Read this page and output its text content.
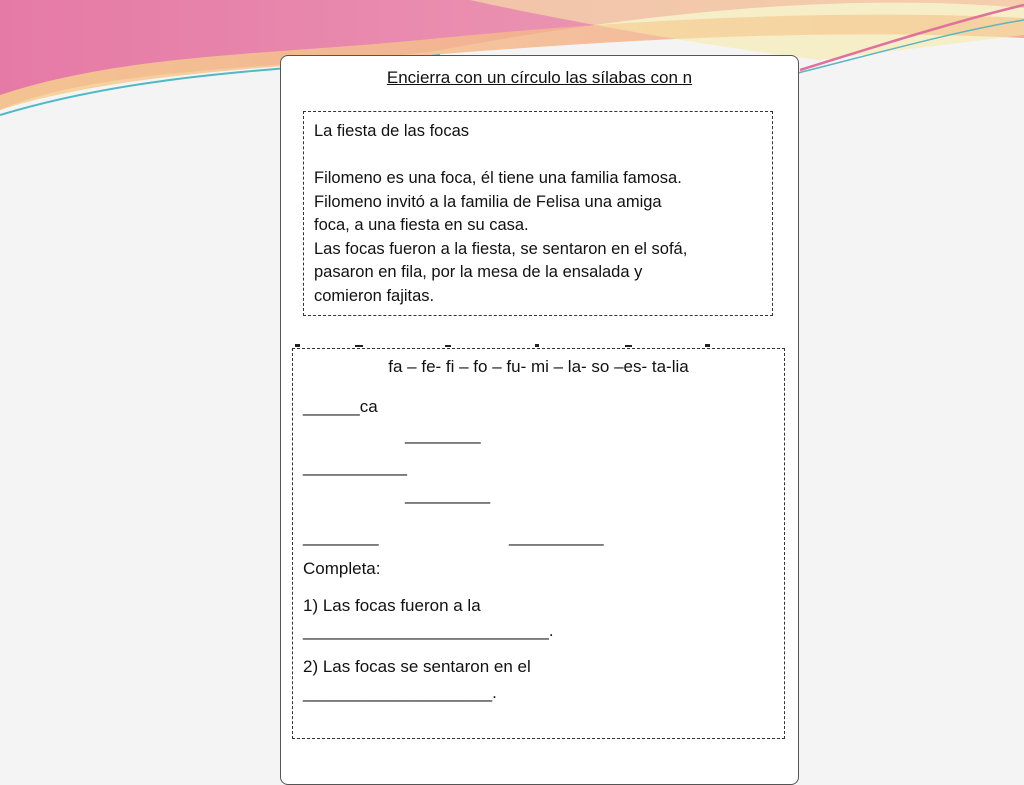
Encierra con un círculo las sílabas con n

La fiesta de las focas

Filomeno es una foca, él tiene una familia famosa.

Filomeno invitó a la familia de Felisa una amiga

foca, a una fiesta en su casa.

Las focas fueron a la fiesta, se sentaron en el sofá,

pasaron en fila, por la mesa de la ensalada y

comieron fajitas.

fa – fe- fi – fo – fu- mi – la- so –es- ta-lia
______ca
________
___________
_________
________	__________
Completa:
1) Las focas fueron a la
__________________________.
2) Las focas se sentaron en el
____________________.
